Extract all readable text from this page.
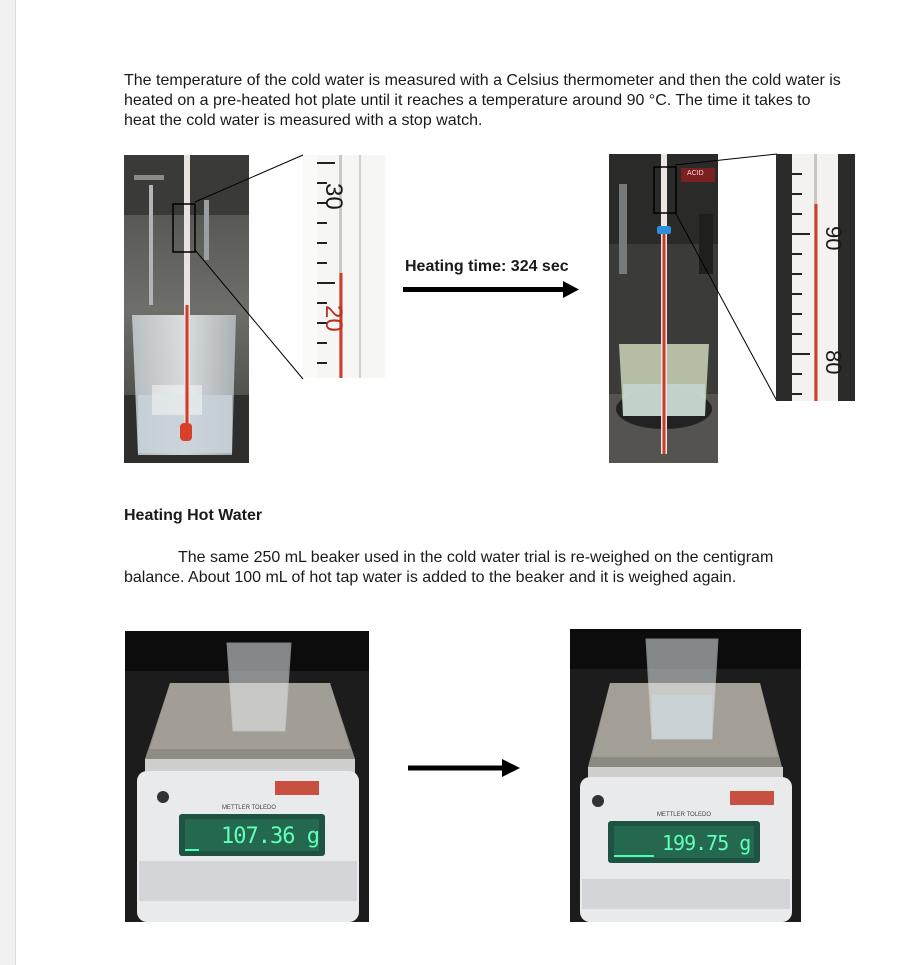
The temperature of the cold water is measured with a Celsius thermometer and then the cold water is heated on a pre-heated hot plate until it reaches a temperature around 90 °C. The time it takes to heat the cold water is measured with a stop watch.

30
20
Heating time: 324 sec
ACID
90
80
Heating Hot Water

The same 250 mL beaker used in the cold water trial is re-weighed on the centigram balance. About 100 mL of hot tap water is added to the beaker and it is weighed again.

METTLER TOLEDO
107.36 g
METTLER TOLEDO
199.75 g
